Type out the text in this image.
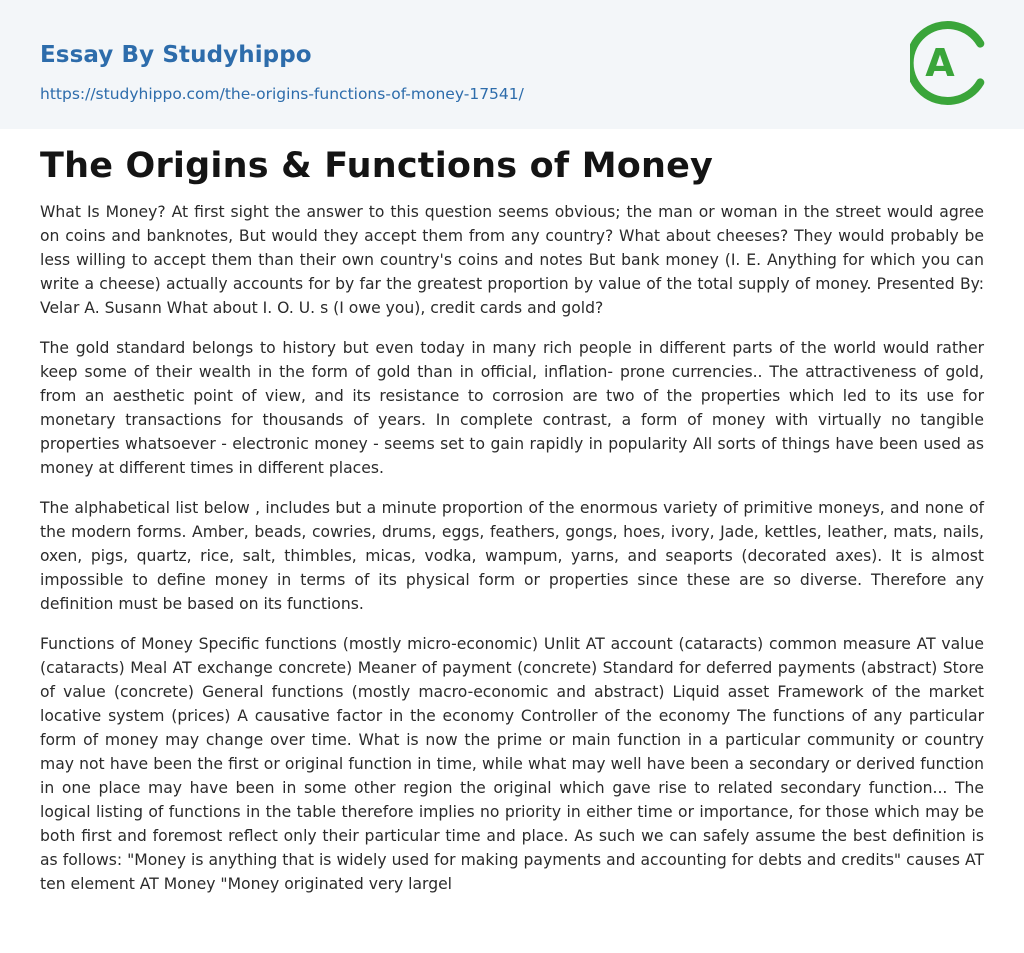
Essay By Studyhippo
https://studyhippo.com/the-origins-functions-of-money-17541/
A
The Origins & Functions of Money

What Is Money? At first sight the answer to this question seems obvious; the man or woman in the street would agree on coins and banknotes, But would they accept them from any country? What about cheeses? They would probably be less willing to accept them than their own country's coins and notes But bank money (I. E. Anything for which you can write a cheese) actually accounts for by far the greatest proportion by value of the total supply of money. Presented By: Velar A. Susann What about I. O. U. s (I owe you), credit cards and gold?

The gold standard belongs to history but even today in many rich people in different parts of the world would rather keep some of their wealth in the form of gold than in official, inflation- prone currencies.. The attractiveness of gold, from an aesthetic point of view, and its resistance to corrosion are two of the properties which led to its use for monetary transactions for thousands of years. In complete contrast, a form of money with virtually no tangible properties whatsoever - electronic money - seems set to gain rapidly in popularity All sorts of things have been used as money at different times in different places.

The alphabetical list below , includes but a minute proportion of the enormous variety of primitive moneys, and none of the modern forms. Amber, beads, cowries, drums, eggs, feathers, gongs, hoes, ivory, Jade, kettles, leather, mats, nails, oxen, pigs, quartz, rice, salt, thimbles, micas, vodka, wampum, yarns, and seaports (decorated axes). It is almost impossible to define money in terms of its physical form or properties since these are so diverse. Therefore any definition must be based on its functions.

Functions of Money Specific functions (mostly micro-economic) Unlit AT account (cataracts) common measure AT value (cataracts) Meal AT exchange concrete) Meaner of payment (concrete) Standard for deferred payments (abstract) Store of value (concrete) General functions (mostly macro-economic and abstract) Liquid asset Framework of the market locative system (prices) A causative factor in the economy Controller of the economy The functions of any particular form of money may change over time. What is now the prime or main function in a particular community or country may not have been the first or original function in time, while what may well have been a secondary or derived function in one place may have been in some other region the original which gave rise to related secondary function... The logical listing of functions in the table therefore implies no priority in either time or importance, for those which may be both first and foremost reflect only their particular time and place. As such we can safely assume the best definition is as follows: "Money is anything that is widely used for making payments and accounting for debts and credits" causes AT ten element AT Money "Money originated very largel
